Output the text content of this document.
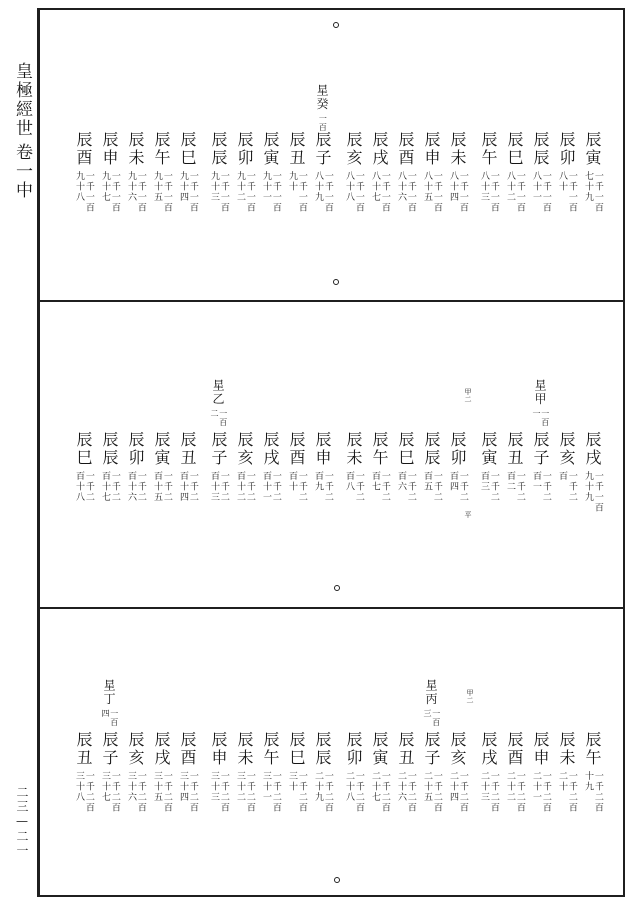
皇極經世
卷一中
二三—二一
星癸
一百
辰寅
一千一百
七十九
辰卯
一千一百
八十
辰辰
一千一百
八十一
辰巳
一千一百
八十二
辰午
一千一百
八十三
辰未
一千一百
八十四
辰申
一千一百
八十五
辰酉
一千一百
八十六
辰戌
一千一百
八十七
辰亥
一千一百
八十八
辰子
一千一百
八十九
辰丑
一千一百
九十
辰寅
一千一百
九十一
辰卯
一千一百
九十二
辰辰
一千一百
九十三
辰巳
一千一百
九十四
辰午
一千一百
九十五
辰未
一千一百
九十六
辰申
一千一百
九十七
辰酉
一千一百
九十八
星甲
一百
一
星乙
一百
二
辰戌
一千一百
九十九
辰亥
一千二
百
辰子
一千二
百一
辰丑
一千二
百二
辰寅
一千二
百三
辰卯
一千二
百四
辰辰
一千二
百五
辰巳
一千二
百六
辰午
一千二
百七
辰未
一千二
百八
辰申
一千二
百九
辰酉
一千二
百十
辰戌
一千二
百十一
辰亥
一千二
百十二
辰子
一千二
百十三
辰丑
一千二
百十四
辰寅
一千二
百十五
辰卯
一千二
百十六
辰辰
一千二
百十七
辰巳
一千二
百十八
甲二
平
星丙
一百
三
星丁
一百
四
辰午
一千二百
十九
辰未
一千二百
二十
辰申
一千二百
二十一
辰酉
一千二百
二十二
辰戌
一千二百
二十三
辰亥
一千二百
二十四
辰子
一千二百
二十五
辰丑
一千二百
二十六
辰寅
一千二百
二十七
辰卯
一千二百
二十八
辰辰
一千二百
二十九
辰巳
一千二百
三十
辰午
一千二百
三十一
辰未
一千二百
三十二
辰申
一千二百
三十三
辰酉
一千二百
三十四
辰戌
一千二百
三十五
辰亥
一千二百
三十六
辰子
一千二百
三十七
辰丑
一千二百
三十八
甲二
